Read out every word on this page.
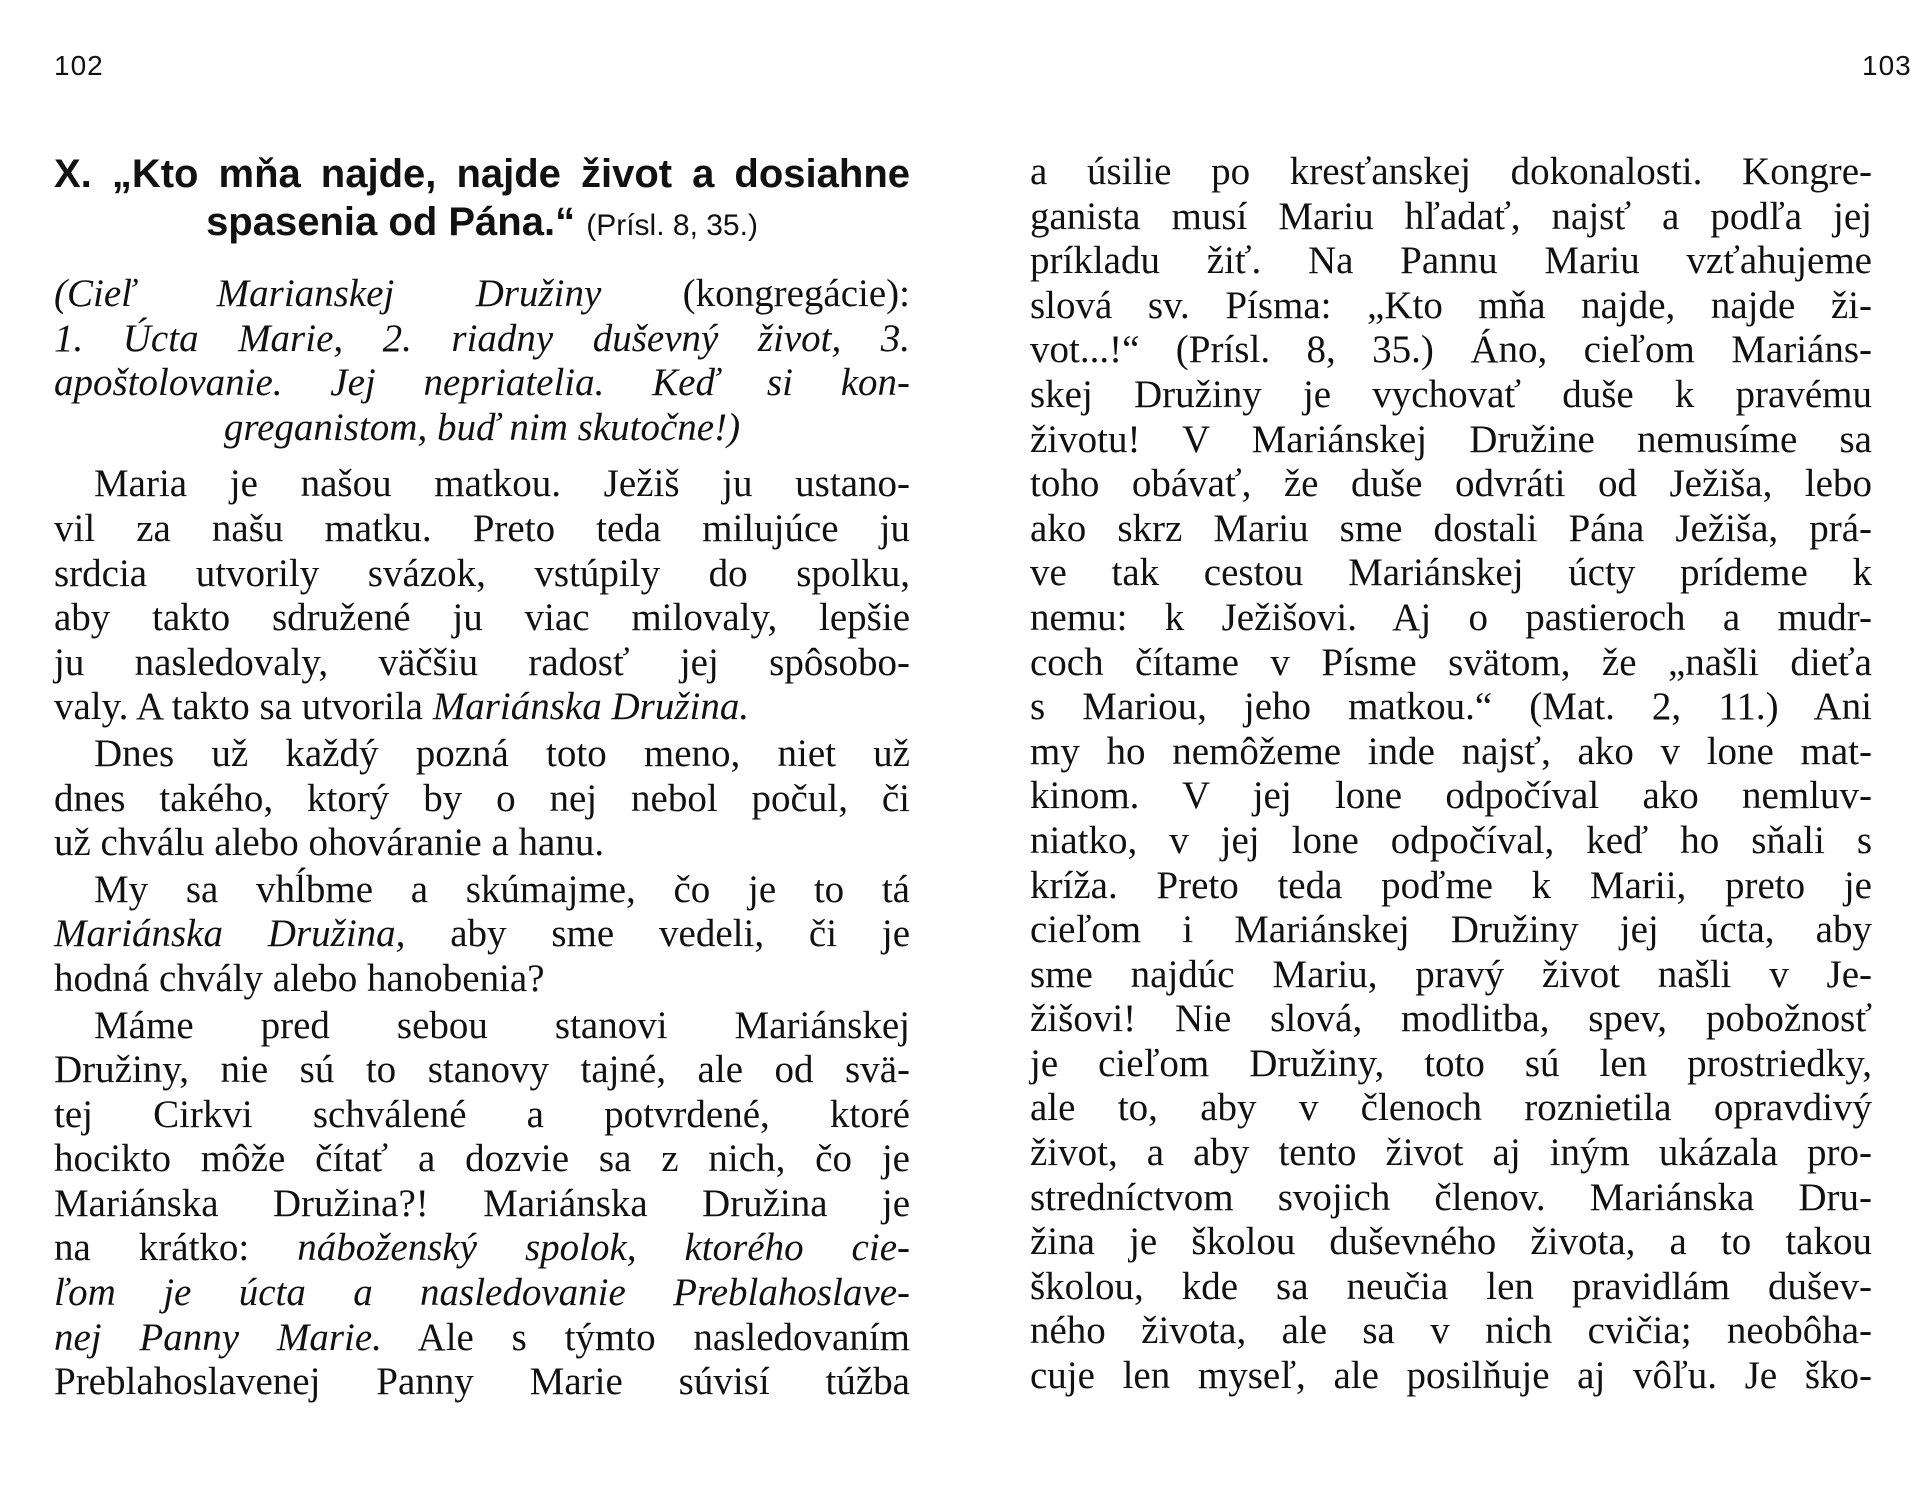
102	103
X. „Kto mňa najde, najde život a dosiahne
spasenia od Pána.“ (Prísl. 8, 35.)
(Cieľ Marianskej Družiny (kongregácie):
1. Úcta Marie, 2. riadny duševný život, 3.
apoštolovanie. Jej nepriatelia. Keď si kon-
greganistom, buď nim skutočne!)
Maria je našou matkou. Ježiš ju ustano-
vil za našu matku. Preto teda milujúce ju
srdcia utvorily svázok, vstúpily do spolku,
aby takto sdružené ju viac milovaly, lepšie
ju nasledovaly, väčšiu radosť jej spôsobo-
valy. A takto sa utvorila Mariánska Družina.
Dnes už každý pozná toto meno, niet už
dnes takého, ktorý by o nej nebol počul, či
už chválu alebo ohováranie a hanu.
My sa vhĺbme a skúmajme, čo je to tá
Mariánska Družina, aby sme vedeli, či je
hodná chvály alebo hanobenia?
Máme pred sebou stanovi Mariánskej
Družiny, nie sú to stanovy tajné, ale od svä-
tej Cirkvi schválené a potvrdené, ktoré
hocikto môže čítať a dozvie sa z nich, čo je
Mariánska Družina?! Mariánska Družina je
na krátko: náboženský spolok, ktorého cie-
ľom je úcta a nasledovanie Preblahoslave-
nej Panny Marie. Ale s týmto nasledovaním
Preblahoslavenej Panny Marie súvisí túžba
a úsilie po kresťanskej dokonalosti. Kongre-
ganista musí Mariu hľadať, najsť a podľa jej
príkladu žiť. Na Pannu Mariu vzťahujeme
slová sv. Písma: „Kto mňa najde, najde ži-
vot...!“ (Prísl. 8, 35.) Áno, cieľom Mariáns-
skej Družiny je vychovať duše k pravému
životu! V Mariánskej Družine nemusíme sa
toho obávať, že duše odvráti od Ježiša, lebo
ako skrz Mariu sme dostali Pána Ježiša, prá-
ve tak cestou Mariánskej úcty prídeme k
nemu: k Ježišovi. Aj o pastieroch a mudr-
coch čítame v Písme svätom, že „našli dieťa
s Mariou, jeho matkou.“ (Mat. 2, 11.) Ani
my ho nemôžeme inde najsť, ako v lone mat-
kinom. V jej lone odpočíval ako nemluv-
niatko, v jej lone odpočíval, keď ho sňali s
kríža. Preto teda poďme k Marii, preto je
cieľom i Mariánskej Družiny jej úcta, aby
sme najdúc Mariu, pravý život našli v Je-
žišovi! Nie slová, modlitba, spev, pobožnosť
je cieľom Družiny, toto sú len prostriedky,
ale to, aby v členoch roznietila opravdivý
život, a aby tento život aj iným ukázala pro-
stredníctvom svojich členov. Mariánska Dru-
žina je školou duševného života, a to takou
školou, kde sa neučia len pravidlám dušev-
ného života, ale sa v nich cvičia; neobôha-
cuje len myseľ, ale posilňuje aj vôľu. Je ško-
